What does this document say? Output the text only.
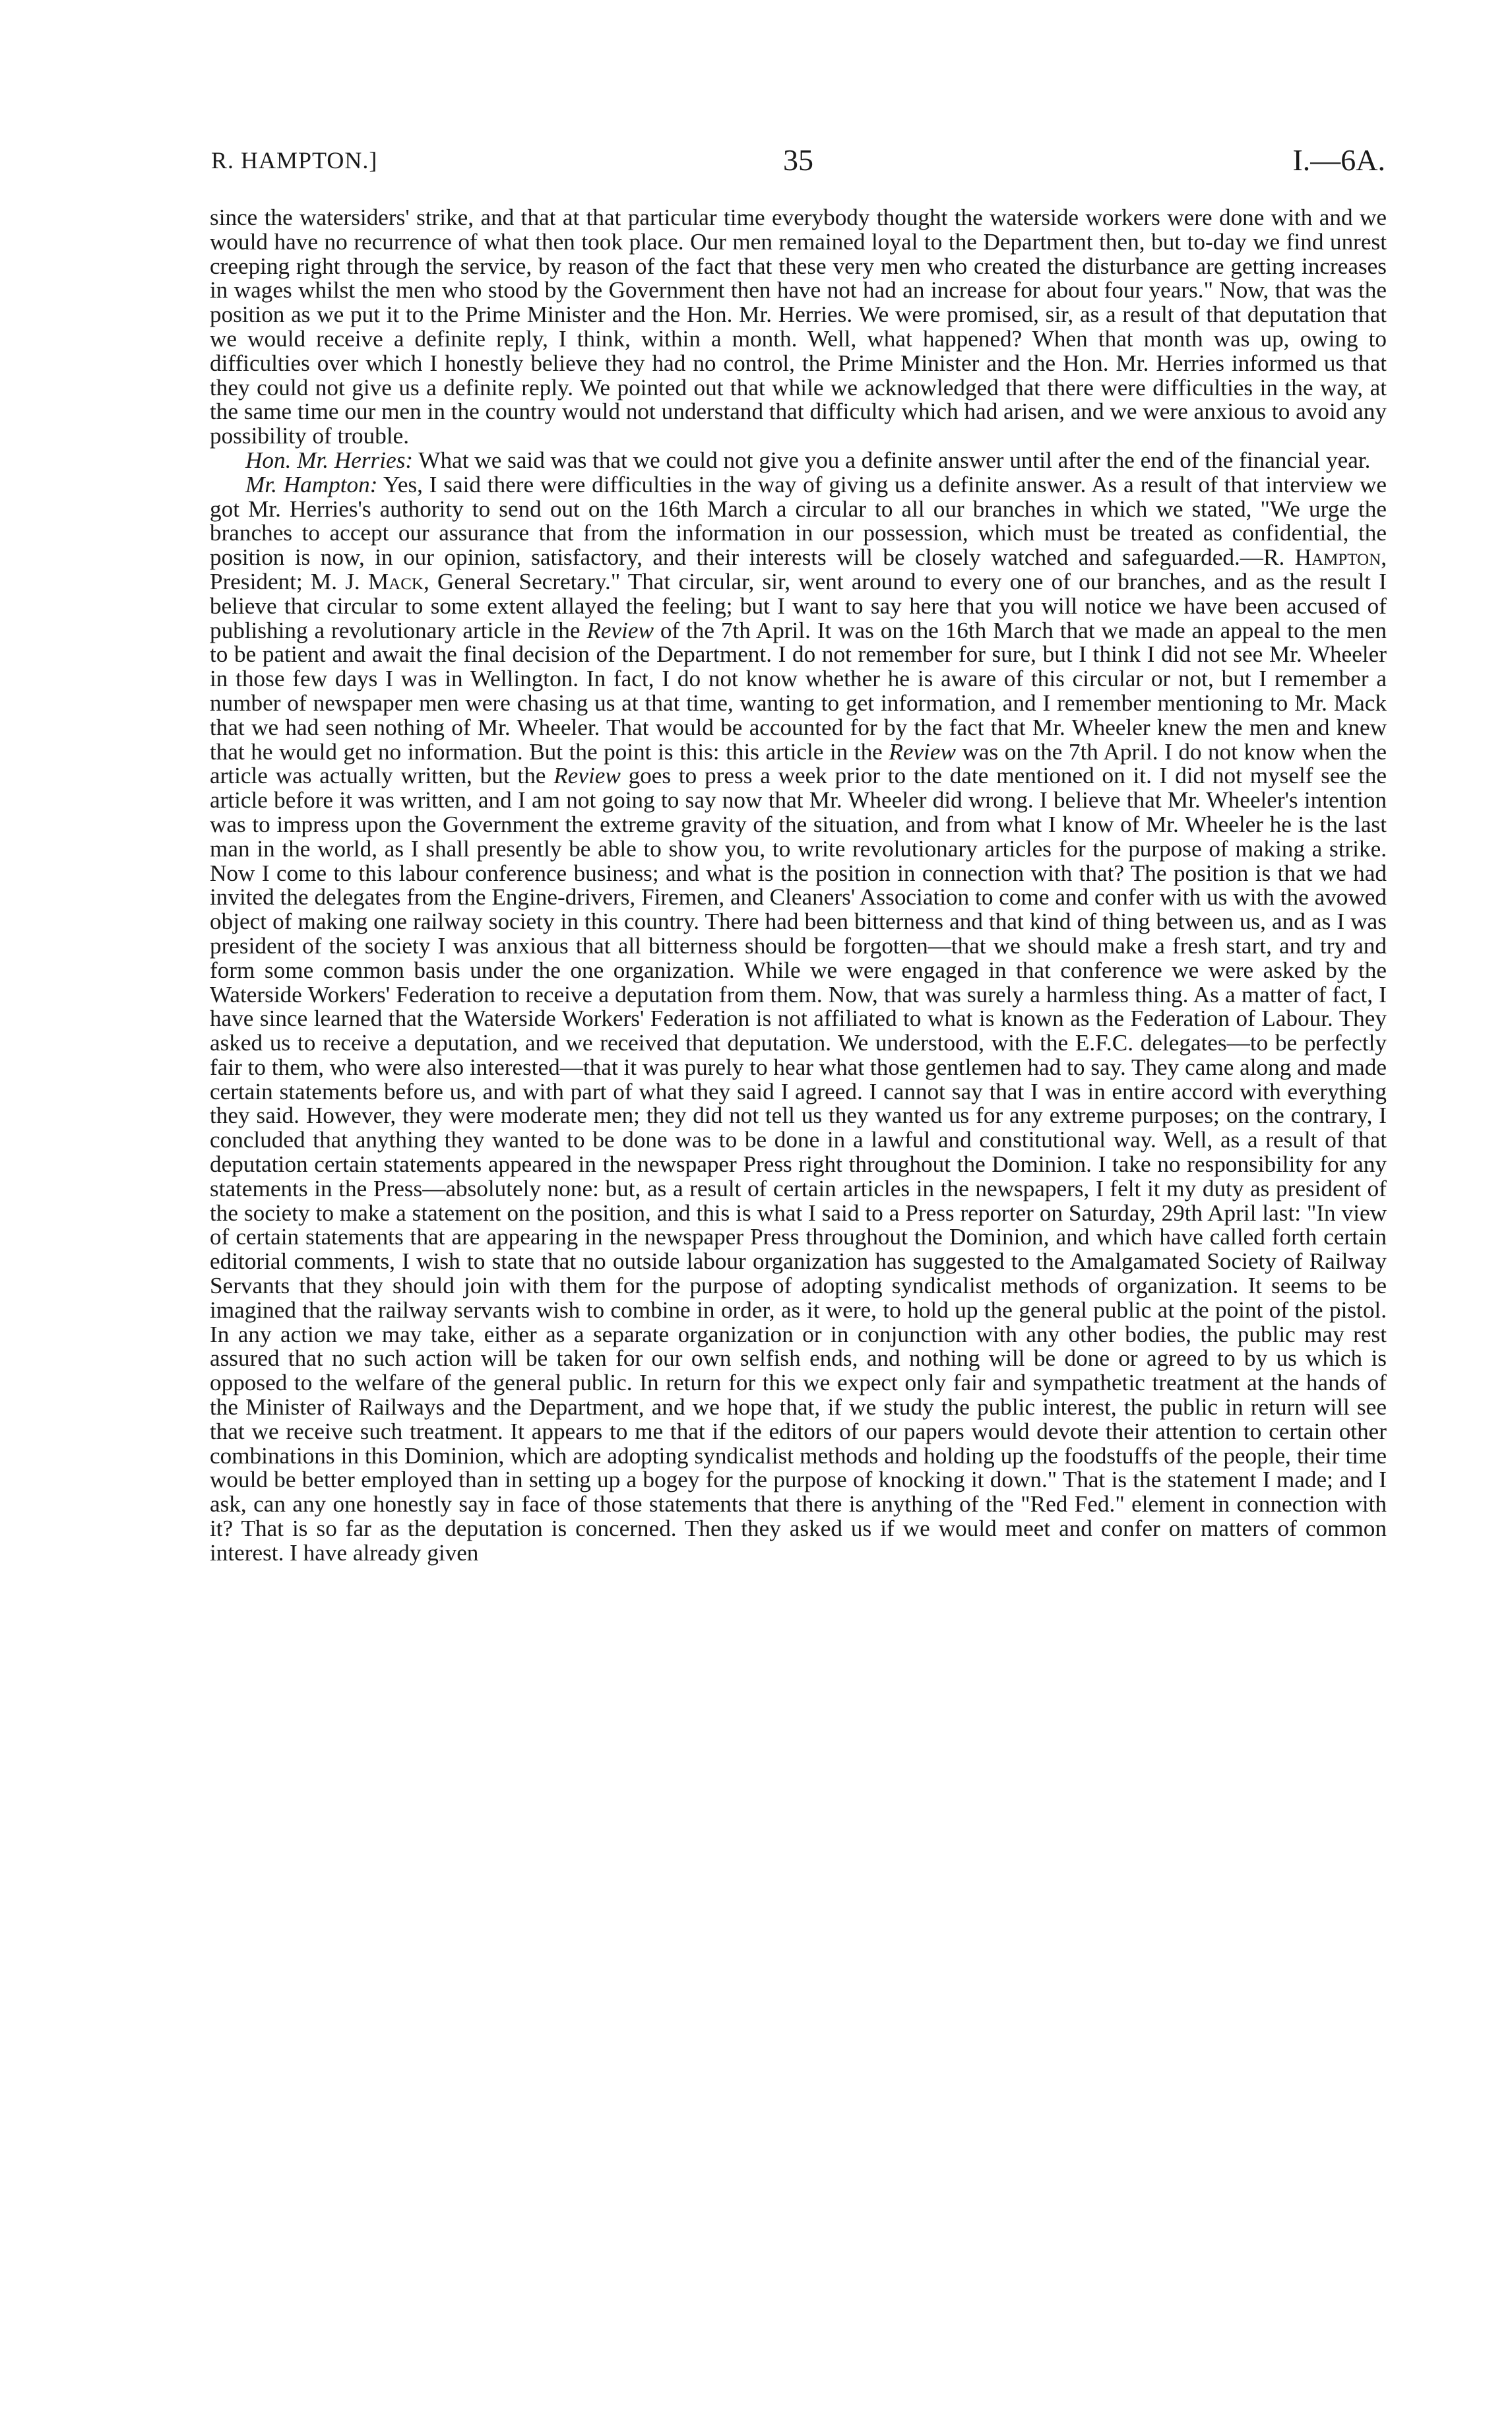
R. HAMPTON.]	35	I.—6A.

since the watersiders' strike, and that at that particular time everybody thought the waterside workers were done with and we would have no recurrence of what then took place. Our men remained loyal to the Department then, but to-day we find unrest creeping right through the service, by reason of the fact that these very men who created the disturbance are getting increases in wages whilst the men who stood by the Government then have not had an increase for about four years." Now, that was the position as we put it to the Prime Minister and the Hon. Mr. Herries. We were promised, sir, as a result of that deputation that we would receive a definite reply, I think, within a month. Well, what happened? When that month was up, owing to difficulties over which I honestly believe they had no control, the Prime Minister and the Hon. Mr. Herries informed us that they could not give us a definite reply. We pointed out that while we acknowledged that there were difficulties in the way, at the same time our men in the country would not understand that difficulty which had arisen, and we were anxious to avoid any possibility of trouble.

Hon. Mr. Herries: What we said was that we could not give you a definite answer until after the end of the financial year.

Mr. Hampton: Yes, I said there were difficulties in the way of giving us a definite answer. As a result of that interview we got Mr. Herries's authority to send out on the 16th March a circular to all our branches in which we stated, "We urge the branches to accept our assurance that from the information in our possession, which must be treated as confidential, the position is now, in our opinion, satisfactory, and their interests will be closely watched and safeguarded.—R. Hampton, President; M. J. Mack, General Secretary." That circular, sir, went around to every one of our branches, and as the result I believe that circular to some extent allayed the feeling; but I want to say here that you will notice we have been accused of publishing a revolutionary article in the Review of the 7th April. It was on the 16th March that we made an appeal to the men to be patient and await the final decision of the Department. I do not remember for sure, but I think I did not see Mr. Wheeler in those few days I was in Wellington. In fact, I do not know whether he is aware of this circular or not, but I remember a number of newspaper men were chasing us at that time, wanting to get information, and I remember mentioning to Mr. Mack that we had seen nothing of Mr. Wheeler. That would be accounted for by the fact that Mr. Wheeler knew the men and knew that he would get no information. But the point is this: this article in the Review was on the 7th April. I do not know when the article was actually written, but the Review goes to press a week prior to the date mentioned on it. I did not myself see the article before it was written, and I am not going to say now that Mr. Wheeler did wrong. I believe that Mr. Wheeler's intention was to impress upon the Government the extreme gravity of the situation, and from what I know of Mr. Wheeler he is the last man in the world, as I shall presently be able to show you, to write revolutionary articles for the purpose of making a strike. Now I come to this labour conference business; and what is the position in connection with that? The position is that we had invited the delegates from the Engine-drivers, Firemen, and Cleaners' Association to come and confer with us with the avowed object of making one railway society in this country. There had been bitterness and that kind of thing between us, and as I was president of the society I was anxious that all bitterness should be forgotten—that we should make a fresh start, and try and form some common basis under the one organization. While we were engaged in that conference we were asked by the Waterside Workers' Federation to receive a deputation from them. Now, that was surely a harmless thing. As a matter of fact, I have since learned that the Waterside Workers' Federation is not affiliated to what is known as the Federation of Labour. They asked us to receive a deputation, and we received that deputation. We understood, with the E.F.C. delegates—to be perfectly fair to them, who were also interested—that it was purely to hear what those gentlemen had to say. They came along and made certain statements before us, and with part of what they said I agreed. I cannot say that I was in entire accord with everything they said. However, they were moderate men; they did not tell us they wanted us for any extreme purposes; on the contrary, I concluded that anything they wanted to be done was to be done in a lawful and constitutional way. Well, as a result of that deputation certain statements appeared in the newspaper Press right throughout the Dominion. I take no responsibility for any statements in the Press—absolutely none: but, as a result of certain articles in the newspapers, I felt it my duty as president of the society to make a statement on the position, and this is what I said to a Press reporter on Saturday, 29th April last: "In view of certain statements that are appearing in the newspaper Press throughout the Dominion, and which have called forth certain editorial comments, I wish to state that no outside labour organization has suggested to the Amalgamated Society of Railway Servants that they should join with them for the purpose of adopting syndicalist methods of organization. It seems to be imagined that the railway servants wish to combine in order, as it were, to hold up the general public at the point of the pistol. In any action we may take, either as a separate organization or in conjunction with any other bodies, the public may rest assured that no such action will be taken for our own selfish ends, and nothing will be done or agreed to by us which is opposed to the welfare of the general public. In return for this we expect only fair and sympathetic treatment at the hands of the Minister of Railways and the Department, and we hope that, if we study the public interest, the public in return will see that we receive such treatment. It appears to me that if the editors of our papers would devote their attention to certain other combinations in this Dominion, which are adopting syndicalist methods and holding up the foodstuffs of the people, their time would be better employed than in setting up a bogey for the purpose of knocking it down." That is the statement I made; and I ask, can any one honestly say in face of those statements that there is anything of the "Red Fed." element in connection with it? That is so far as the deputation is concerned. Then they asked us if we would meet and confer on matters of common interest. I have already given
